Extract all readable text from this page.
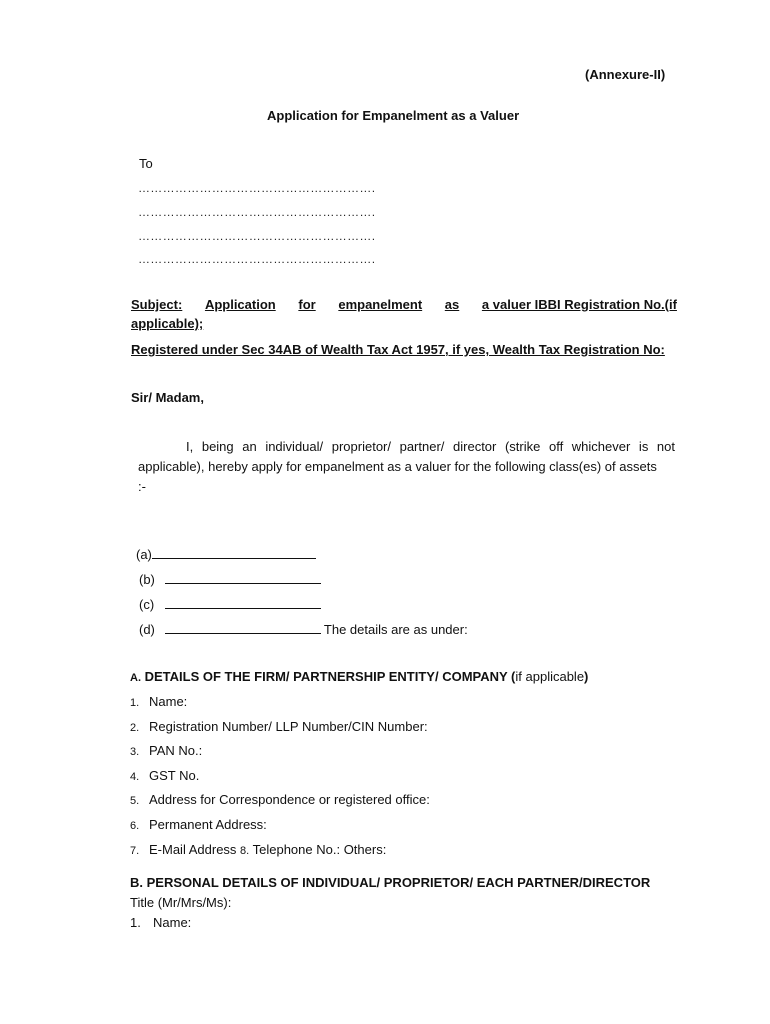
(Annexure-II)
Application for Empanelment as a Valuer
To
………………………………………………….
………………………………………………….
………………………………………………….
………………………………………………….
Subject: Application for empanelment as a valuer IBBI Registration No.(if
applicable);
Registered under Sec 34AB of Wealth Tax Act 1957, if yes, Wealth Tax Registration No:
Sir/ Madam,
I, being an individual/ proprietor/ partner/ director (strike off whichever is not applicable), hereby apply for empanelment as a valuer for the following class(es) of assets
:-
(a)
(b)
(c)
(d)	The details are as under:
A. DETAILS OF THE FIRM/ PARTNERSHIP ENTITY/ COMPANY (if applicable)
1. Name:
2. Registration Number/ LLP Number/CIN Number:
3. PAN No.:
4. GST No.
5. Address for Correspondence or registered office:
6. Permanent Address:
7. E-Mail Address 8. Telephone No.: Others:
B. PERSONAL DETAILS OF INDIVIDUAL/ PROPRIETOR/ EACH PARTNER/DIRECTOR
Title (Mr/Mrs/Ms):
1. Name:
